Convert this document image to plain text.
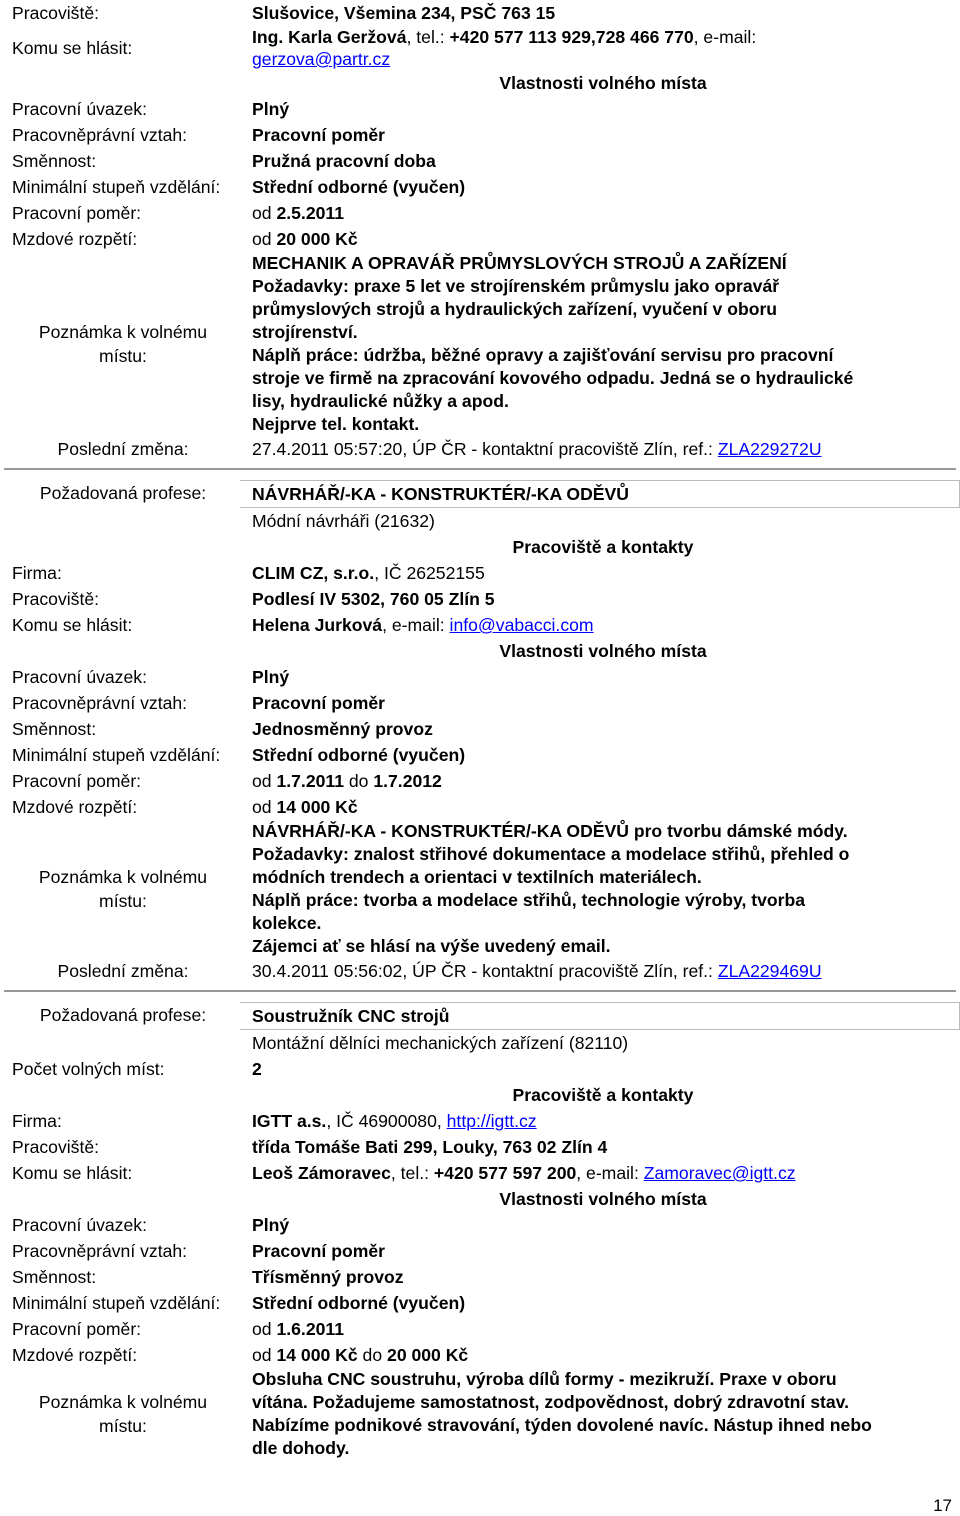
Pracoviště:	Slušovice, Všemina 234, PSČ 763 15
Komu se hlásit:
Ing. Karla Geržová, tel.: +420 577 113 929,728 466 770, e-mail:
gerzova@partr.cz
Vlastnosti volného místa
Pracovní úvazek:	Plný
Pracovněprávní vztah:	Pracovní poměr
Směnnost:	Pružná pracovní doba
Minimální stupeň vzdělání:	Střední odborné (vyučen)
Pracovní poměr:	od 2.5.2011
Mzdové rozpětí:	od 20 000 Kč
Poznámka k volnému
místu:
MECHANIK A OPRAVÁŘ PRŮMYSLOVÝCH STROJŮ A ZAŘÍZENÍ
Požadavky: praxe 5 let ve strojírenském průmyslu jako opravář
průmyslových strojů a hydraulických zařízení, vyučení v oboru
strojírenství.
Náplň práce: údržba, běžné opravy a zajišťování servisu pro pracovní
stroje ve firmě na zpracování kovového odpadu. Jedná se o hydraulické
lisy, hydraulické nůžky a apod.
Nejprve tel. kontakt.
Poslední změna:	27.4.2011 05:57:20, ÚP ČR - kontaktní pracoviště Zlín, ref.: ZLA229272U
Požadovaná profese:	NÁVRHÁŘ/-KA - KONSTRUKTÉR/-KA ODĚVŮ
Módní návrháři (21632)
Pracoviště a kontakty
Firma:	CLIM CZ, s.r.o., IČ 26252155
Pracoviště:	Podlesí IV 5302, 760 05 Zlín 5
Komu se hlásit:	Helena Jurková, e-mail: info@vabacci.com
Vlastnosti volného místa
Pracovní úvazek:	Plný
Pracovněprávní vztah:	Pracovní poměr
Směnnost:	Jednosměnný provoz
Minimální stupeň vzdělání:	Střední odborné (vyučen)
Pracovní poměr:	od 1.7.2011 do 1.7.2012
Mzdové rozpětí:	od 14 000 Kč
Poznámka k volnému
místu:
NÁVRHÁŘ/-KA - KONSTRUKTÉR/-KA ODĚVŮ pro tvorbu dámské módy.
Požadavky: znalost střihové dokumentace a modelace střihů, přehled o
módních trendech a orientaci v textilních materiálech.
Náplň práce: tvorba a modelace střihů, technologie výroby, tvorba
kolekce.
Zájemci ať se hlásí na výše uvedený email.
Poslední změna:	30.4.2011 05:56:02, ÚP ČR - kontaktní pracoviště Zlín, ref.: ZLA229469U
Požadovaná profese:	Soustružník CNC strojů
Montážní dělníci mechanických zařízení (82110)
Počet volných míst:	2
Pracoviště a kontakty
Firma:	IGTT a.s., IČ 46900080, http://igtt.cz
Pracoviště:	třída Tomáše Bati 299, Louky, 763 02 Zlín 4
Komu se hlásit:	Leoš Zámoravec, tel.: +420 577 597 200, e-mail: Zamoravec@igtt.cz
Vlastnosti volného místa
Pracovní úvazek:	Plný
Pracovněprávní vztah:	Pracovní poměr
Směnnost:	Třísměnný provoz
Minimální stupeň vzdělání:	Střední odborné (vyučen)
Pracovní poměr:	od 1.6.2011
Mzdové rozpětí:	od 14 000 Kč do 20 000 Kč
Poznámka k volnému
místu:
Obsluha CNC soustruhu, výroba dílů formy - mezikruží. Praxe v oboru
vítána. Požadujeme samostatnost, zodpovědnost, dobrý zdravotní stav.
Nabízíme podnikové stravování, týden dovolené navíc. Nástup ihned nebo
dle dohody.
17
